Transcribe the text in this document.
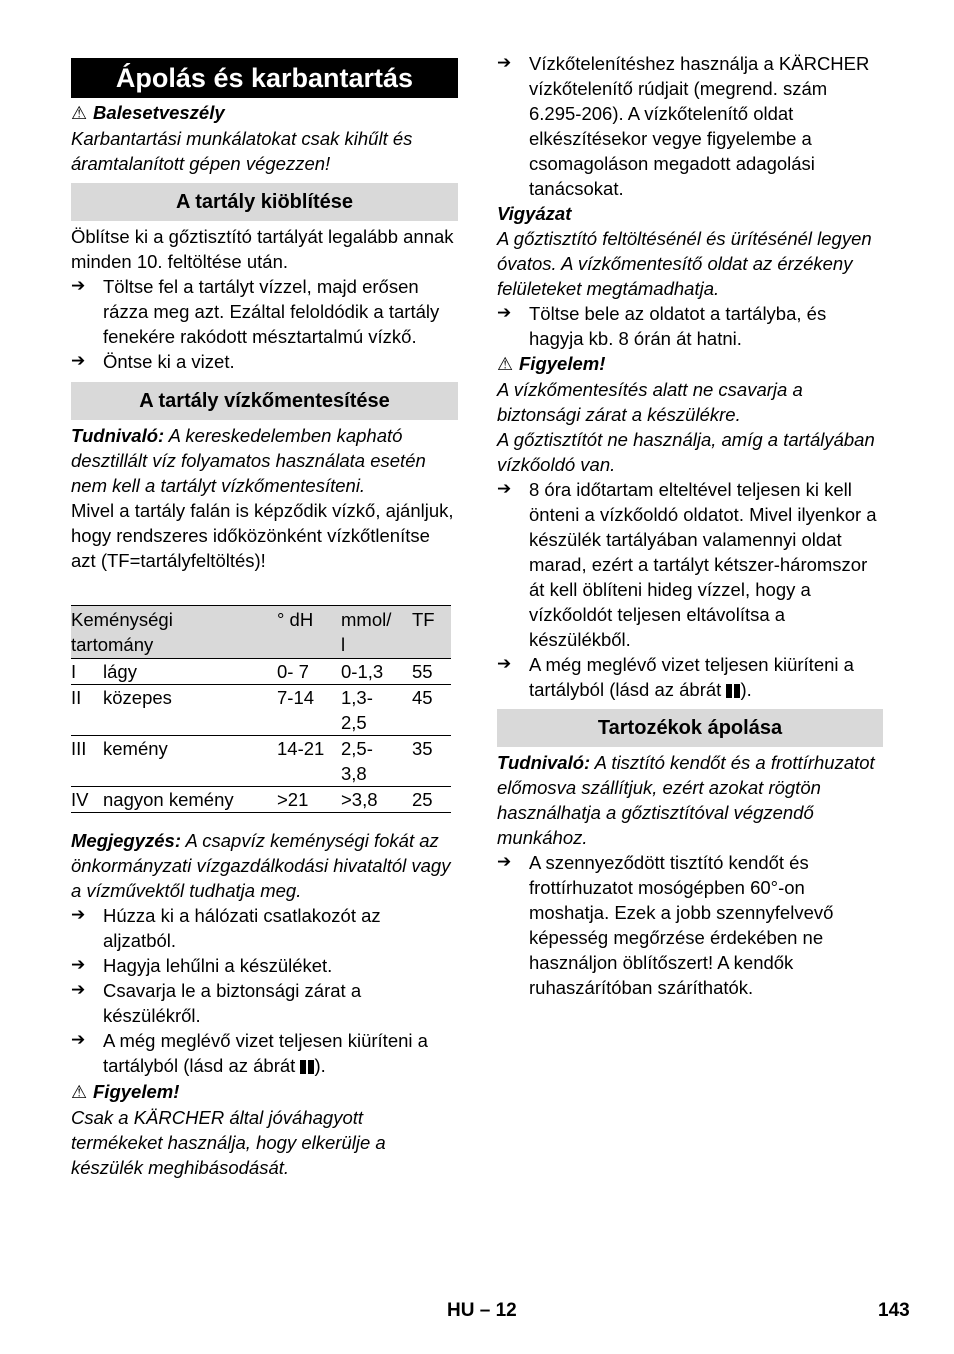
Ápolás és karbantartás

⚠ Balesetveszély

Karbantartási munkálatokat csak kihűlt és áramtalanított gépen végezzen!

A tartály kiöblítése

Öblítse ki a gőztisztító tartályát legalább annak minden 10. feltöltése után.

➔ Töltse fel a tartályt vízzel, majd erősen rázza meg azt. Ezáltal feloldódik a tartály fenekére rakódott mésztartalmú vízkő.
➔ Öntse ki a vizet.
A tartály vízkőmentesítése

Tudnivaló: A kereskedelemben kapható desztillált víz folyamatos használata esetén nem kell a tartályt vízkőmentesíteni.

Mivel a tartály falán is képződik vízkő, ajánljuk, hogy rendszeres időközönként vízkőtlenítse azt (TF=tartályfeltöltés)!

Keménységi tartomány		° dH	mmol/ l	TF
I	lágy	0- 7	0-1,3	55
II	közepes	7-14	1,3-2,5	45
III	kemény	14-21	2,5-3,8	35
IV	nagyon kemény	>21	>3,8	25

Megjegyzés: A csapvíz keménységi fokát az önkormányzati vízgazdálkodási hivataltól vagy a vízművektől tudhatja meg.

➔ Húzza ki a hálózati csatlakozót az aljzatból.
➔ Hagyja lehűlni a készüléket.
➔ Csavarja le a biztonsági zárat a készülékről.
➔ A még meglévő vizet teljesen kiüríteni a tartályból (lásd az ábrát ).

⚠ Figyelem!

Csak a KÄRCHER által jóváhagyott termékeket használja, hogy elkerülje a készülék meghibásodását.

➔ Vízkőtelenítéshez használja a KÄRCHER vízkőtelenítő rúdjait (megrend. szám 6.295-206). A vízkőtelenítő oldat elkészítésekor vegye figyelembe a csomagoláson megadott adagolási tanácsokat.

Vigyázat

A gőztisztító feltöltésénél és ürítésénél legyen óvatos. A vízkőmentesítő oldat az érzékeny felületeket megtámadhatja.

➔ Töltse bele az oldatot a tartályba, és hagyja kb. 8 órán át hatni.

⚠ Figyelem!

A vízkőmentesítés alatt ne csavarja a biztonsági zárat a készülékre.

A gőztisztítót ne használja, amíg a tartályában vízkőoldó van.

➔ 8 óra időtartam elteltével teljesen ki kell önteni a vízkőoldó oldatot. Mivel ilyenkor a készülék tartályában valamennyi oldat marad, ezért a tartályt kétszer-háromszor át kell öblíteni hideg vízzel, hogy a vízkőoldót teljesen eltávolítsa a készülékből.
➔ A még meglévő vizet teljesen kiüríteni a tartályból (lásd az ábrát ).
Tartozékok ápolása

Tudnivaló: A tisztító kendőt és a frottírhuzatot előmosva szállítjuk, ezért azokat rögtön használhatja a gőztisztítóval végzendő munkához.

➔ A szennyeződött tisztító kendőt és frottírhuzatot mosógépben 60°-on moshatja. Ezek a jobb szennyfelvevő képesség megőrzése érdekében ne használjon öblítőszert! A kendők ruhaszárítóban száríthatók.
HU – 12	143
